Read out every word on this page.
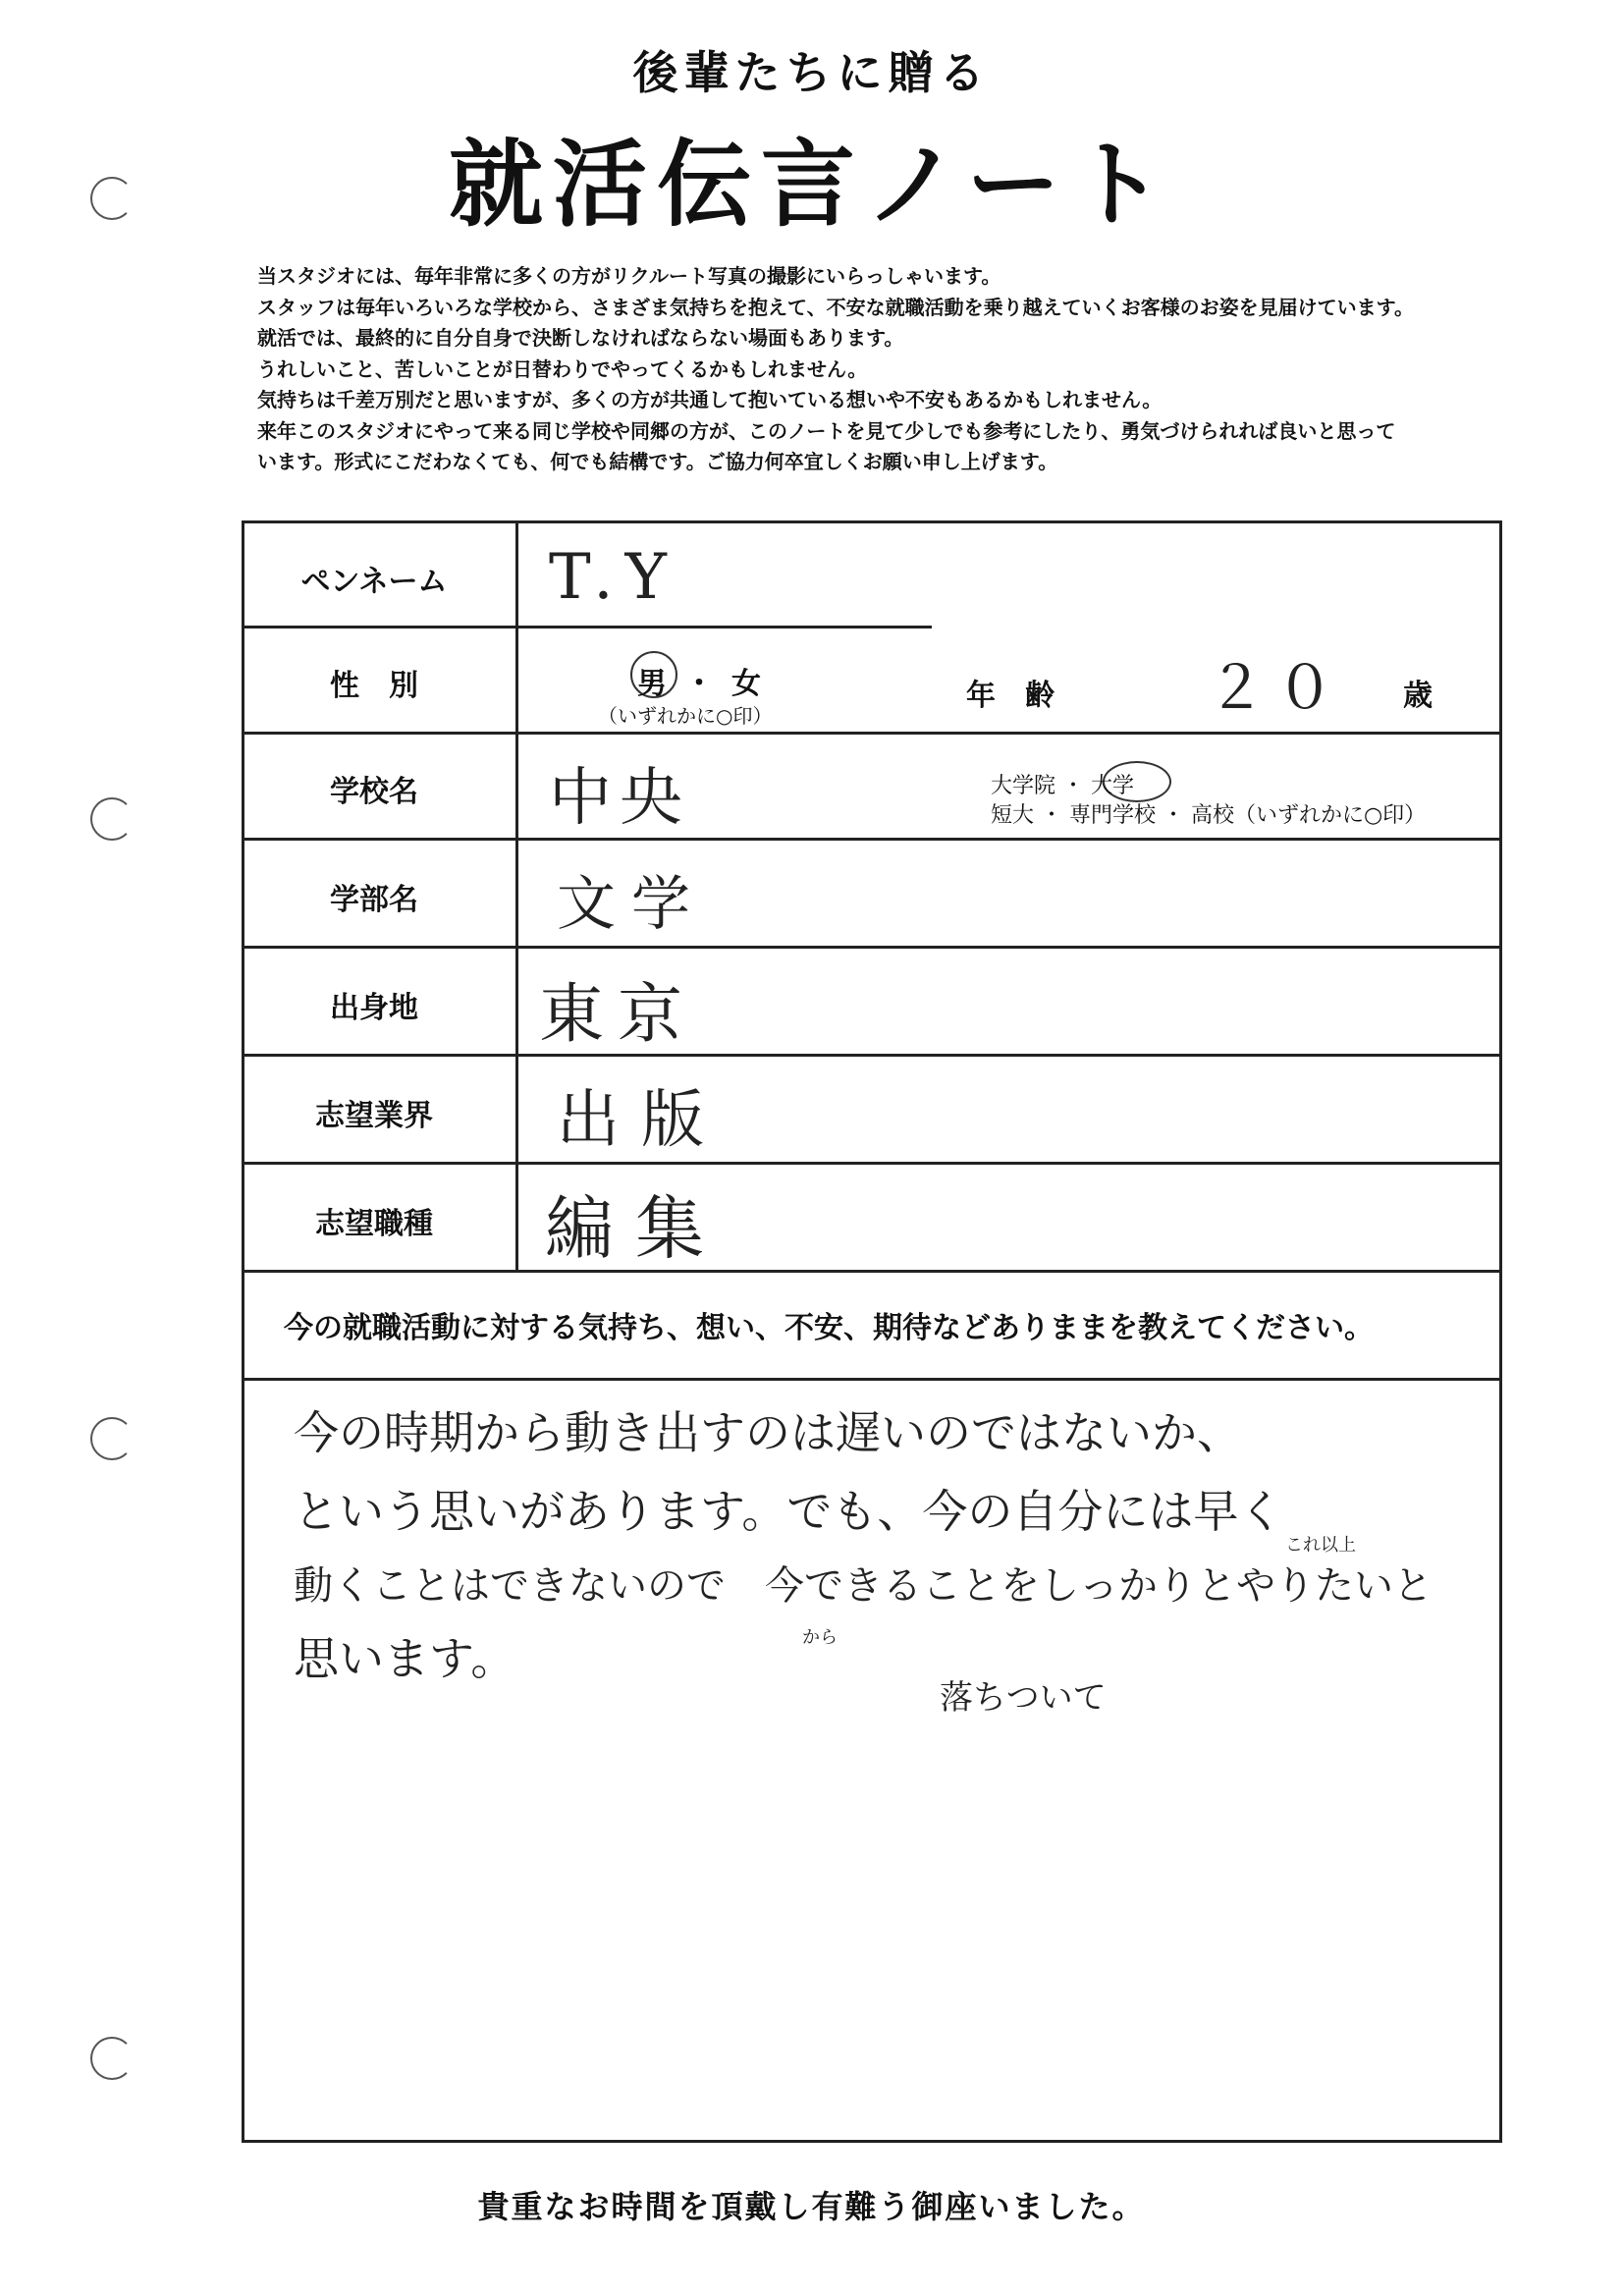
後輩たちに贈る
就活伝言ノート
当スタジオには、毎年非常に多くの方がリクルート写真の撮影にいらっしゃいます。
スタッフは毎年いろいろな学校から、さまざま気持ちを抱えて、不安な就職活動を乗り越えていくお客様のお姿を見届けています。
就活では、最終的に自分自身で決断しなければならない場面もあります。
うれしいこと、苦しいことが日替わりでやってくるかもしれません。
気持ちは千差万別だと思いますが、多くの方が共通して抱いている想いや不安もあるかもしれません。
来年このスタジオにやって来る同じ学校や同郷の方が、このノートを見て少しでも参考にしたり、勇気づけられれば良いと思って
います。形式にこだわなくても、何でも結構です。ご協力何卒宜しくお願い申し上げます。
ペンネーム
性　別
学校名
学部名
出身地
志望業界
志望職種
T.Y
男 ・ 女
（いずれかに○印）
年　齢	２０ 歳
中央	大学院 ・ 大学
短大 ・ 専門学校 ・ 高校（いずれかに○印）
文学
東京
出版
編集
今の就職活動に対する気持ち、想い、不安、期待などありままを教えてください。
今の時期から動き出すのは遅いのではないか、
という思いがあります。でも、今の自分には早く
動くことはできないので　今できることをしっかりとやりたいと
思います。
これ以上
から
落ちついて
貴重なお時間を頂戴し有難う御座いました。
